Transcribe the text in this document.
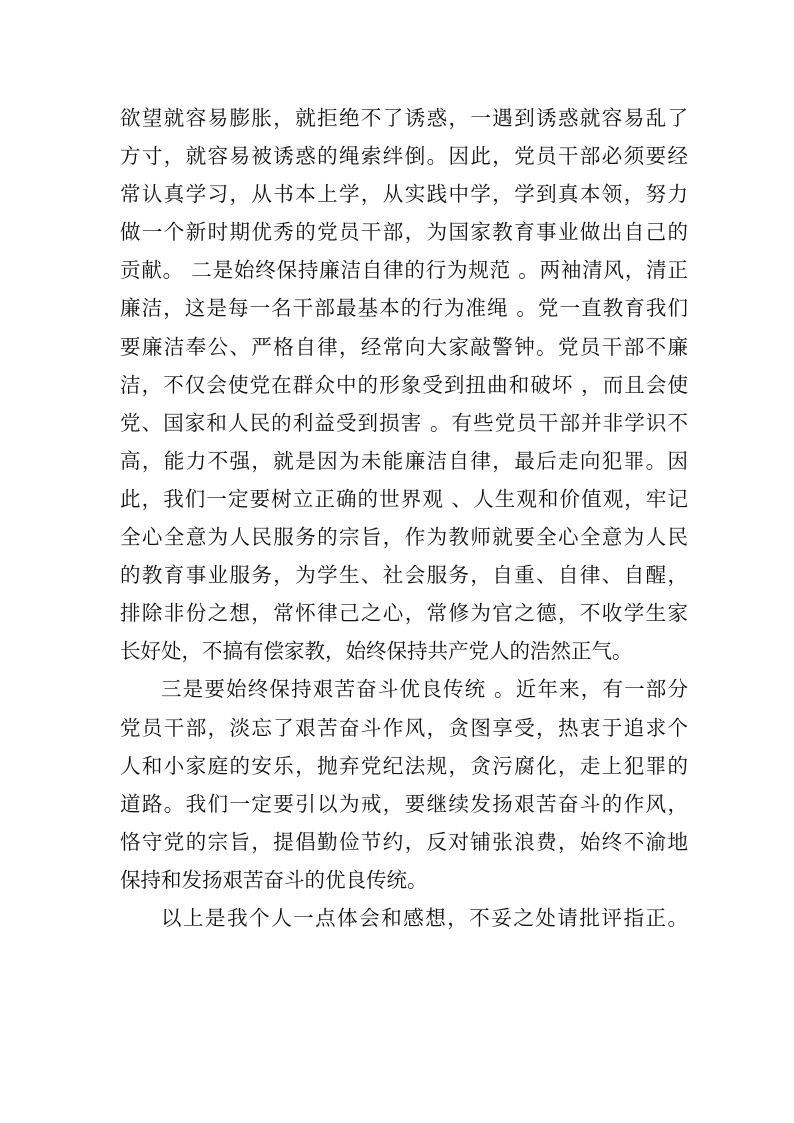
欲望就容易膨胀，就拒绝不了诱惑，一遇到诱惑就容易乱了
方寸，就容易被诱惑的绳索绊倒。因此，党员干部必须要经
常认真学习，从书本上学，从实践中学，学到真本领，努力
做一个新时期优秀的党员干部，为国家教育事业做出自己的
贡献。 二是始终保持廉洁自律的行为规范 。两袖清风，清正
廉洁，这是每一名干部最基本的行为准绳 。党一直教育我们
要廉洁奉公、严格自律，经常向大家敲警钟。党员干部不廉
洁，不仅会使党在群众中的形象受到扭曲和破坏 ，而且会使
党、国家和人民的利益受到损害 。有些党员干部并非学识不
高，能力不强，就是因为未能廉洁自律，最后走向犯罪。因
此，我们一定要树立正确的世界观 、人生观和价值观，牢记
全心全意为人民服务的宗旨，作为教师就要全心全意为人民
的教育事业服务，为学生、社会服务，自重、自律、自醒，
排除非份之想，常怀律己之心，常修为官之德，不收学生家
长好处，不搞有偿家教，始终保持共产党人的浩然正气。
三是要始终保持艰苦奋斗优良传统 。近年来，有一部分
党员干部，淡忘了艰苦奋斗作风，贪图享受，热衷于追求个
人和小家庭的安乐，抛弃党纪法规，贪污腐化，走上犯罪的
道路。我们一定要引以为戒，要继续发扬艰苦奋斗的作风，
恪守党的宗旨，提倡勤俭节约，反对铺张浪费，始终不渝地
保持和发扬艰苦奋斗的优良传统。
以上是我个人一点体会和感想，不妥之处请批评指正。
